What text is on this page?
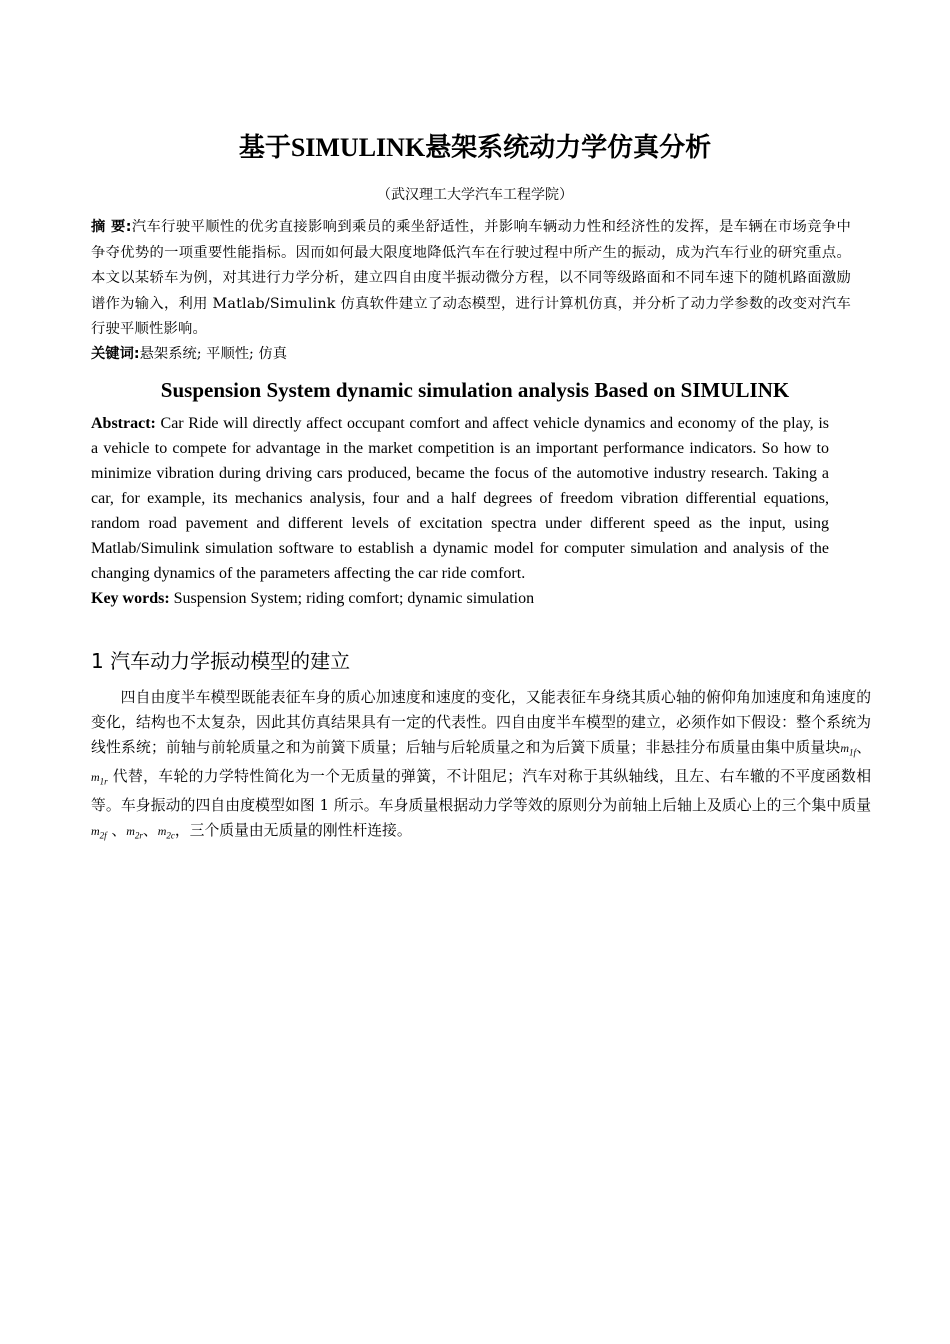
基于SIMULINK悬架系统动力学仿真分析
（武汉理工大学汽车工程学院）
摘 要:汽车行驶平顺性的优劣直接影响到乘员的乘坐舒适性，并影响车辆动力性和经济性的发挥，是车辆在市场竞争中争夺优势的一项重要性能指标。因而如何最大限度地降低汽车在行驶过程中所产生的振动，成为汽车行业的研究重点。本文以某轿车为例，对其进行力学分析，建立四自由度半振动微分方程，以不同等级路面和不同车速下的随机路面激励谱作为输入，利用 Matlab/Simulink 仿真软件建立了动态模型，进行计算机仿真，并分析了动力学参数的改变对汽车行驶平顺性影响。
关键词:悬架系统; 平顺性; 仿真
Suspension System dynamic simulation analysis Based on SIMULINK
Abstract: Car Ride will directly affect occupant comfort and affect vehicle dynamics and economy of the play, is a vehicle to compete for advantage in the market competition is an important performance indicators. So how to minimize vibration during driving cars produced, became the focus of the automotive industry research. Taking a car, for example, its mechanics analysis, four and a half degrees of freedom vibration differential equations, random road pavement and different levels of excitation spectra under different speed as the input, using Matlab/Simulink simulation software to establish a dynamic model for computer simulation and analysis of the changing dynamics of the parameters affecting the car ride comfort.
Key words: Suspension System; riding comfort; dynamic simulation
1 汽车动力学振动模型的建立
四自由度半车模型既能表征车身的质心加速度和速度的变化，又能表征车身绕其质心轴的俯仰角加速度和角速度的变化，结构也不太复杂，因此其仿真结果具有一定的代表性。四自由度半车模型的建立，必须作如下假设：整个系统为线性系统；前轴与前轮质量之和为前簧下质量；后轴与后轮质量之和为后簧下质量；非悬挂分布质量由集中质量块$m_{1f}$、$m_{1r}$ 代替，车轮的力学特性简化为一个无质量的弹簧，不计阻尼；汽车对称于其纵轴线，且左、右车辙的不平度函数相等。车身振动的四自由度模型如图 1 所示。车身质量根据动力学等效的原则分为前轴上后轴上及质心上的三个集中质量 $m_{2f}$ 、$m_{2r}$、$m_{2c}$，三个质量由无质量的刚性杆连接。
